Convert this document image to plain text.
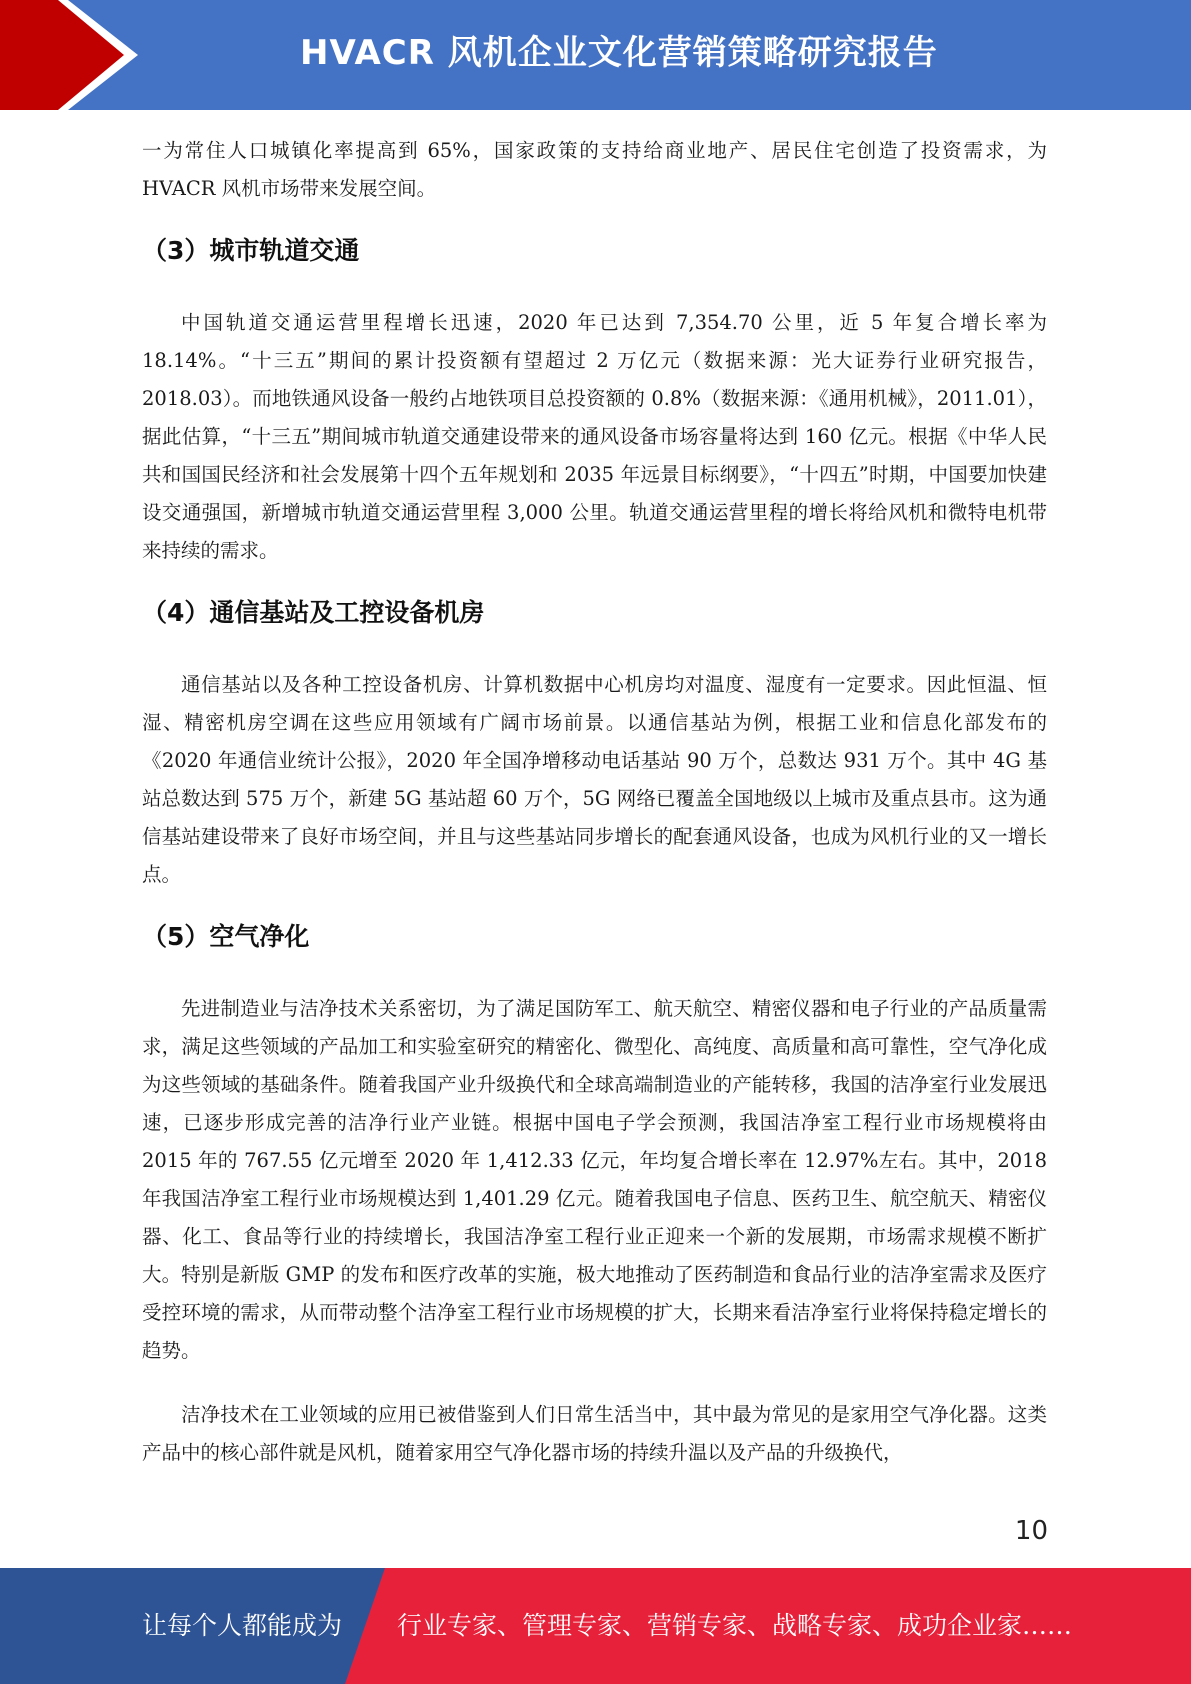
HVACR 风机企业文化营销策略研究报告

一为常住人口城镇化率提高到 65%，国家政策的支持给商业地产、居民住宅创造了投资需求，为 HVACR 风机市场带来发展空间。

（3）城市轨道交通

中国轨道交通运营里程增长迅速，2020 年已达到 7,354.70 公里，近 5 年复合增长率为 18.14%。“十三五”期间的累计投资额有望超过 2 万亿元（数据来源：光大证券行业研究报告，2018.03）。而地铁通风设备一般约占地铁项目总投资额的 0.8%（数据来源：《通用机械》，2011.01），据此估算，“十三五”期间城市轨道交通建设带来的通风设备市场容量将达到 160 亿元。根据《中华人民共和国国民经济和社会发展第十四个五年规划和 2035 年远景目标纲要》，“十四五”时期，中国要加快建设交通强国，新增城市轨道交通运营里程 3,000 公里。轨道交通运营里程的增长将给风机和微特电机带来持续的需求。

（4）通信基站及工控设备机房

通信基站以及各种工控设备机房、计算机数据中心机房均对温度、湿度有一定要求。因此恒温、恒湿、精密机房空调在这些应用领域有广阔市场前景。以通信基站为例，根据工业和信息化部发布的《2020 年通信业统计公报》，2020 年全国净增移动电话基站 90 万个，总数达 931 万个。其中 4G 基站总数达到 575 万个，新建 5G 基站超 60 万个，5G 网络已覆盖全国地级以上城市及重点县市。这为通信基站建设带来了良好市场空间，并且与这些基站同步增长的配套通风设备，也成为风机行业的又一增长点。

（5）空气净化

先进制造业与洁净技术关系密切，为了满足国防军工、航天航空、精密仪器和电子行业的产品质量需求，满足这些领域的产品加工和实验室研究的精密化、微型化、高纯度、高质量和高可靠性，空气净化成为这些领域的基础条件。随着我国产业升级换代和全球高端制造业的产能转移，我国的洁净室行业发展迅速，已逐步形成完善的洁净行业产业链。根据中国电子学会预测，我国洁净室工程行业市场规模将由 2015 年的 767.55 亿元增至 2020 年 1,412.33 亿元，年均复合增长率在 12.97%左右。其中，2018 年我国洁净室工程行业市场规模达到 1,401.29 亿元。随着我国电子信息、医药卫生、航空航天、精密仪器、化工、食品等行业的持续增长，我国洁净室工程行业正迎来一个新的发展期，市场需求规模不断扩大。特别是新版 GMP 的发布和医疗改革的实施，极大地推动了医药制造和食品行业的洁净室需求及医疗受控环境的需求，从而带动整个洁净室工程行业市场规模的扩大，长期来看洁净室行业将保持稳定增长的趋势。

洁净技术在工业领域的应用已被借鉴到人们日常生活当中，其中最为常见的是家用空气净化器。这类产品中的核心部件就是风机，随着家用空气净化器市场的持续升温以及产品的升级换代，

10
让每个人都能成为 行业专家、管理专家、营销专家、战略专家、成功企业家……
